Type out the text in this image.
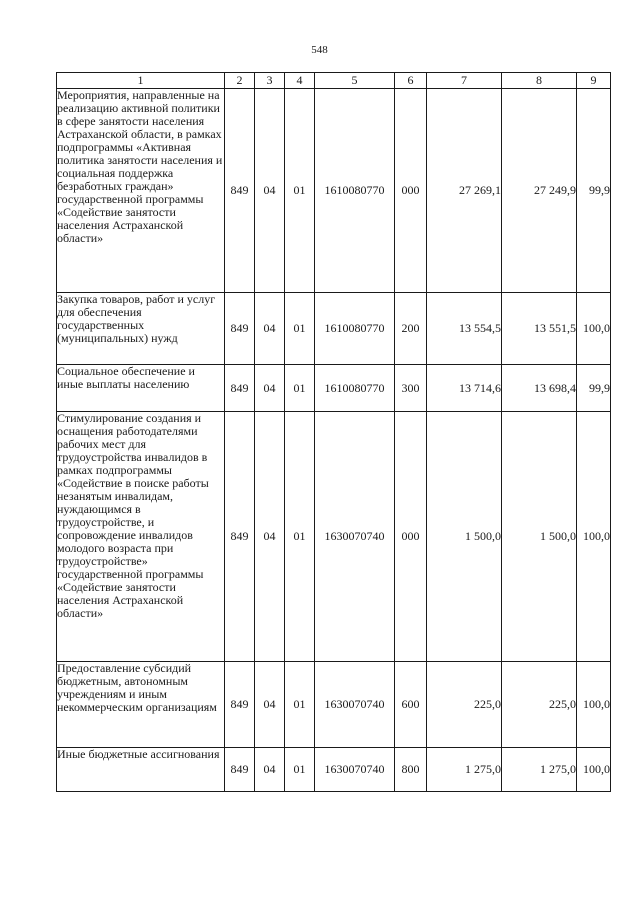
548
1	2	3	4	5	6	7	8	9
Мероприятия, направленные на реализацию активной политики в сфере занятости населения Астраханской области, в рамках подпрограммы «Активная политика занятости населения и социальная поддержка безработных граждан» государственной программы «Содействие занятости населения Астраханской области»	849	04	01	1610080770	000	27 269,1	27 249,9	99,9
Закупка товаров, работ и услуг для обеспечения государственных (муниципальных) нужд	849	04	01	1610080770	200	13 554,5	13 551,5	100,0
Социальное обеспечение и иные выплаты населению	849	04	01	1610080770	300	13 714,6	13 698,4	99,9
Стимулирование создания и оснащения работодателями рабочих мест для трудоустройства инвалидов в рамках подпрограммы «Содействие в поиске работы незанятым инвалидам, нуждающимся в трудоустройстве, и сопровождение инвалидов молодого возраста при трудоустройстве» государственной программы «Содействие занятости населения Астраханской области»	849	04	01	1630070740	000	1 500,0	1 500,0	100,0
Предоставление субсидий бюджетным, автономным учреждениям и иным некоммерческим организациям	849	04	01	1630070740	600	225,0	225,0	100,0
Иные бюджетные ассигнования	849	04	01	1630070740	800	1 275,0	1 275,0	100,0
